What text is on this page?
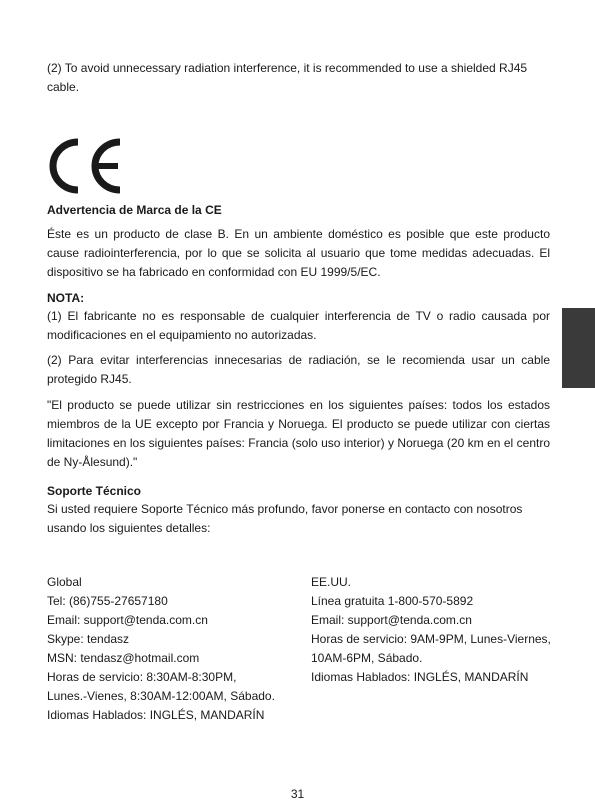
(2) To avoid unnecessary radiation interference, it is recommended to use a shielded RJ45 cable.

Advertencia de Marca de la CE

Éste es un producto de clase B. En un ambiente doméstico es posible que este producto cause radiointerferencia, por lo que se solicita al usuario que tome medidas adecuadas. El dispositivo se ha fabricado en conformidad con EU 1999/5/EC.

NOTA:

(1) El fabricante no es responsable de cualquier interferencia de TV o radio causada por modificaciones en el equipamiento no autorizadas.

(2) Para evitar interferencias innecesarias de radiación, se le recomienda usar un cable protegido RJ45.

"El producto se puede utilizar sin restricciones en los siguientes países: todos los estados miembros de la UE excepto por Francia y Noruega. El producto se puede utilizar con ciertas limitaciones en los siguientes países: Francia (solo uso interior) y Noruega (20 km en el centro de Ny-Ålesund)."

Soporte Técnico

Si usted requiere Soporte Técnico más profundo, favor ponerse en contacto con nosotros usando los siguientes detalles:

Global
Tel: (86)755-27657180
Email: support@tenda.com.cn
Skype: tendasz
MSN: tendasz@hotmail.com
Horas de servicio: 8:30AM-8:30PM,
Lunes.-Vienes, 8:30AM-12:00AM, Sábado.
Idiomas Hablados: INGLÉS, MANDARÍN
EE.UU.
Línea gratuita 1-800-570-5892
Email: support@tenda.com.cn
Horas de servicio: 9AM-9PM, Lunes-Viernes,
10AM-6PM, Sábado.
Idiomas Hablados: INGLÉS, MANDARÍN
31
